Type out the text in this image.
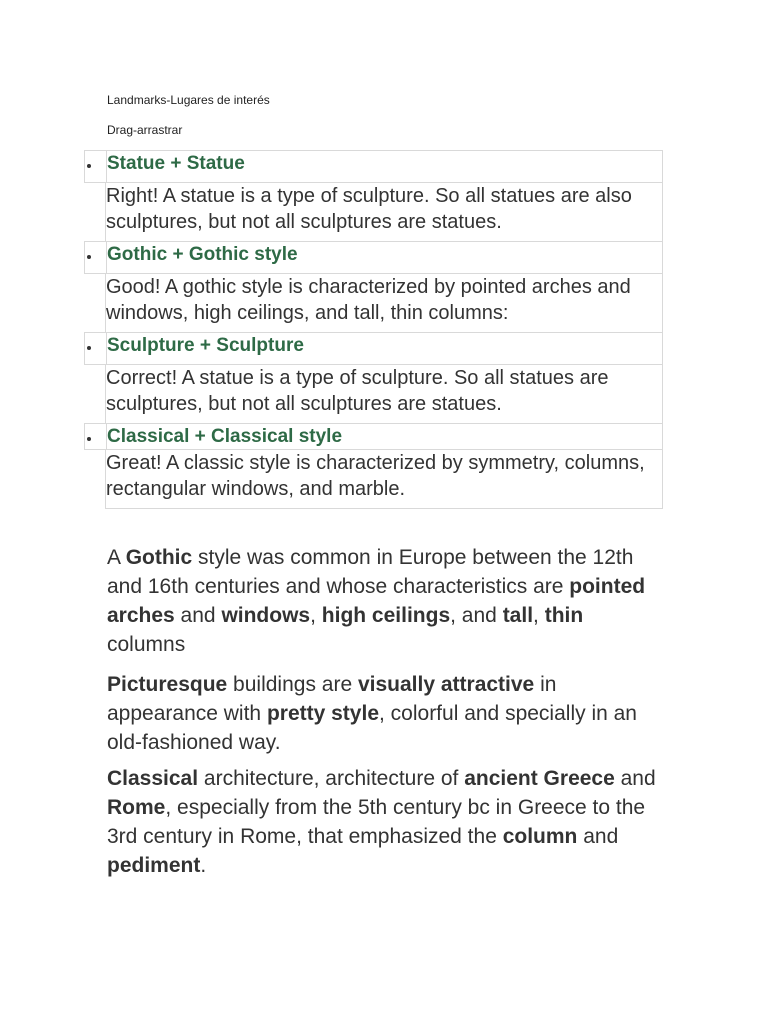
Landmarks-Lugares de interés
Drag-arrastrar
Statue + Statue
Right! A statue is a type of sculpture. So all statues are also sculptures, but not all sculptures are statues.
Gothic + Gothic style
Good! A gothic style is characterized by pointed arches and windows, high ceilings, and tall, thin columns:
Sculpture + Sculpture
Correct! A statue is a type of sculpture. So all statues are sculptures, but not all sculptures are statues.
Classical + Classical style
Great! A classic style is characterized by symmetry, columns, rectangular windows, and marble.
A Gothic style was common in Europe between the 12th and 16th centuries and whose characteristics are pointed arches and windows, high ceilings, and tall, thin columns
Picturesque buildings are visually attractive in appearance with pretty style, colorful and specially in an old-fashioned way.
Classical architecture, architecture of ancient Greece and Rome, especially from the 5th century bc in Greece to the 3rd century in Rome, that emphasized the column and pediment.
